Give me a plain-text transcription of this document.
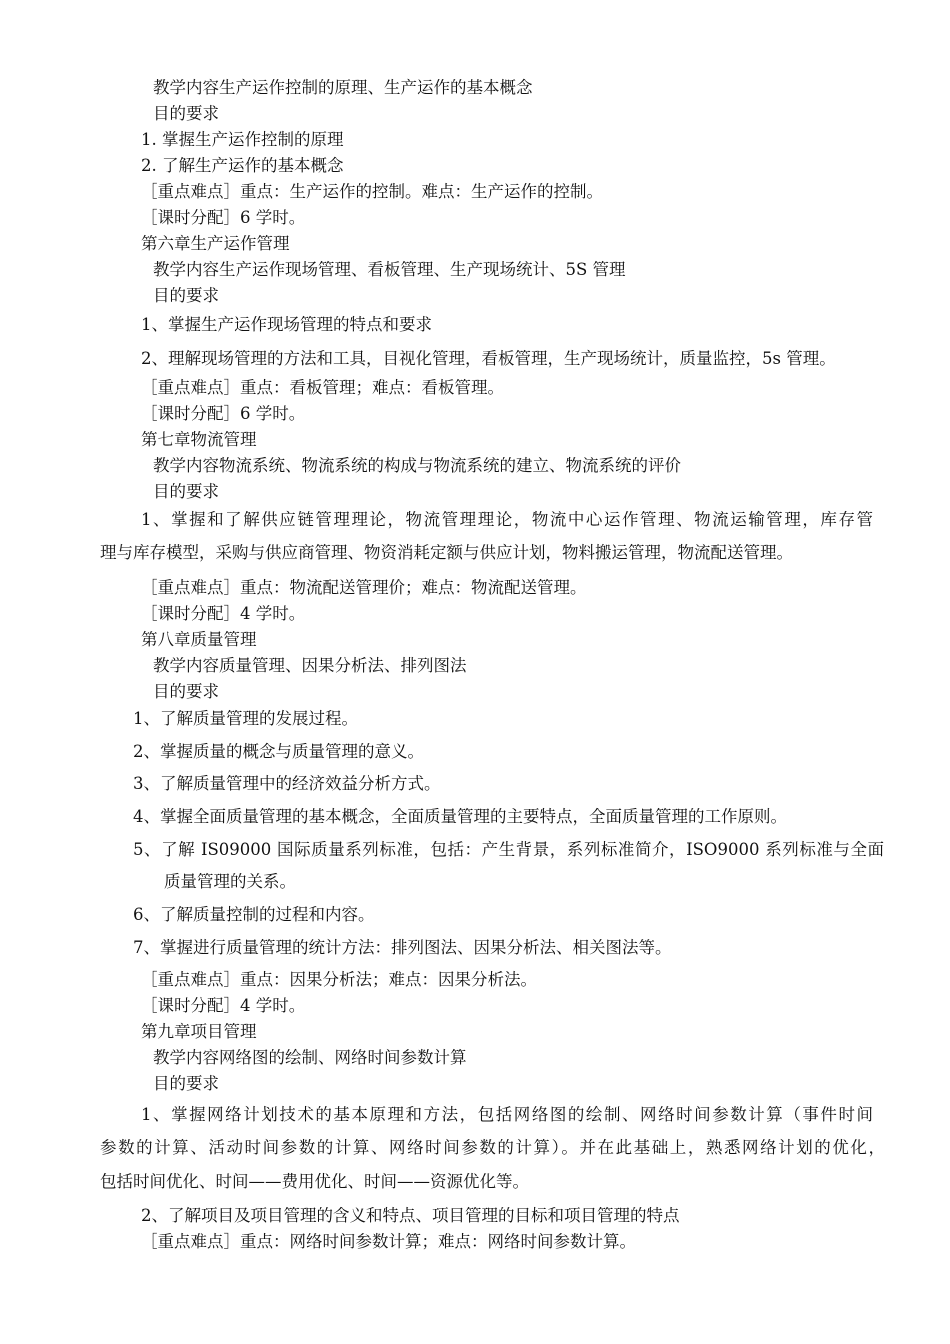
教学内容生产运作控制的原理、生产运作的基本概念
目的要求
1. 掌握生产运作控制的原理
2. 了解生产运作的基本概念
［重点难点］重点：生产运作的控制。难点：生产运作的控制。
［课时分配］6 学时。
第六章生产运作管理
教学内容生产运作现场管理、看板管理、生产现场统计、5S 管理
目的要求
1、掌握生产运作现场管理的特点和要求
2、理解现场管理的方法和工具，目视化管理，看板管理，生产现场统计，质量监控，5s 管理。
［重点难点］重点：看板管理；难点：看板管理。
［课时分配］6 学时。
第七章物流管理
教学内容物流系统、物流系统的构成与物流系统的建立、物流系统的评价
目的要求
1、掌握和了解供应链管理理论，物流管理理论，物流中心运作管理、物流运输管理，库存管
理与库存模型，采购与供应商管理、物资消耗定额与供应计划，物料搬运管理，物流配送管理。
［重点难点］重点：物流配送管理价；难点：物流配送管理。
［课时分配］4 学时。
第八章质量管理
教学内容质量管理、因果分析法、排列图法
目的要求
1、了解质量管理的发展过程。
2、掌握质量的概念与质量管理的意义。
3、了解质量管理中的经济效益分析方式。
4、掌握全面质量管理的基本概念，全面质量管理的主要特点，全面质量管理的工作原则。
5、了解 IS09000 国际质量系列标准，包括：产生背景，系列标准简介，ISO9000 系列标准与全面
质量管理的关系。
6、了解质量控制的过程和内容。
7、掌握进行质量管理的统计方法：排列图法、因果分析法、相关图法等。
［重点难点］重点：因果分析法；难点：因果分析法。
［课时分配］4 学时。
第九章项目管理
教学内容网络图的绘制、网络时间参数计算
目的要求
1、掌握网络计划技术的基本原理和方法，包括网络图的绘制、网络时间参数计算（事件时间
参数的计算、活动时间参数的计算、网络时间参数的计算）。并在此基础上，熟悉网络计划的优化，
包括时间优化、时间——费用优化、时间——资源优化等。
2、了解项目及项目管理的含义和特点、项目管理的目标和项目管理的特点
［重点难点］重点：网络时间参数计算；难点：网络时间参数计算。
